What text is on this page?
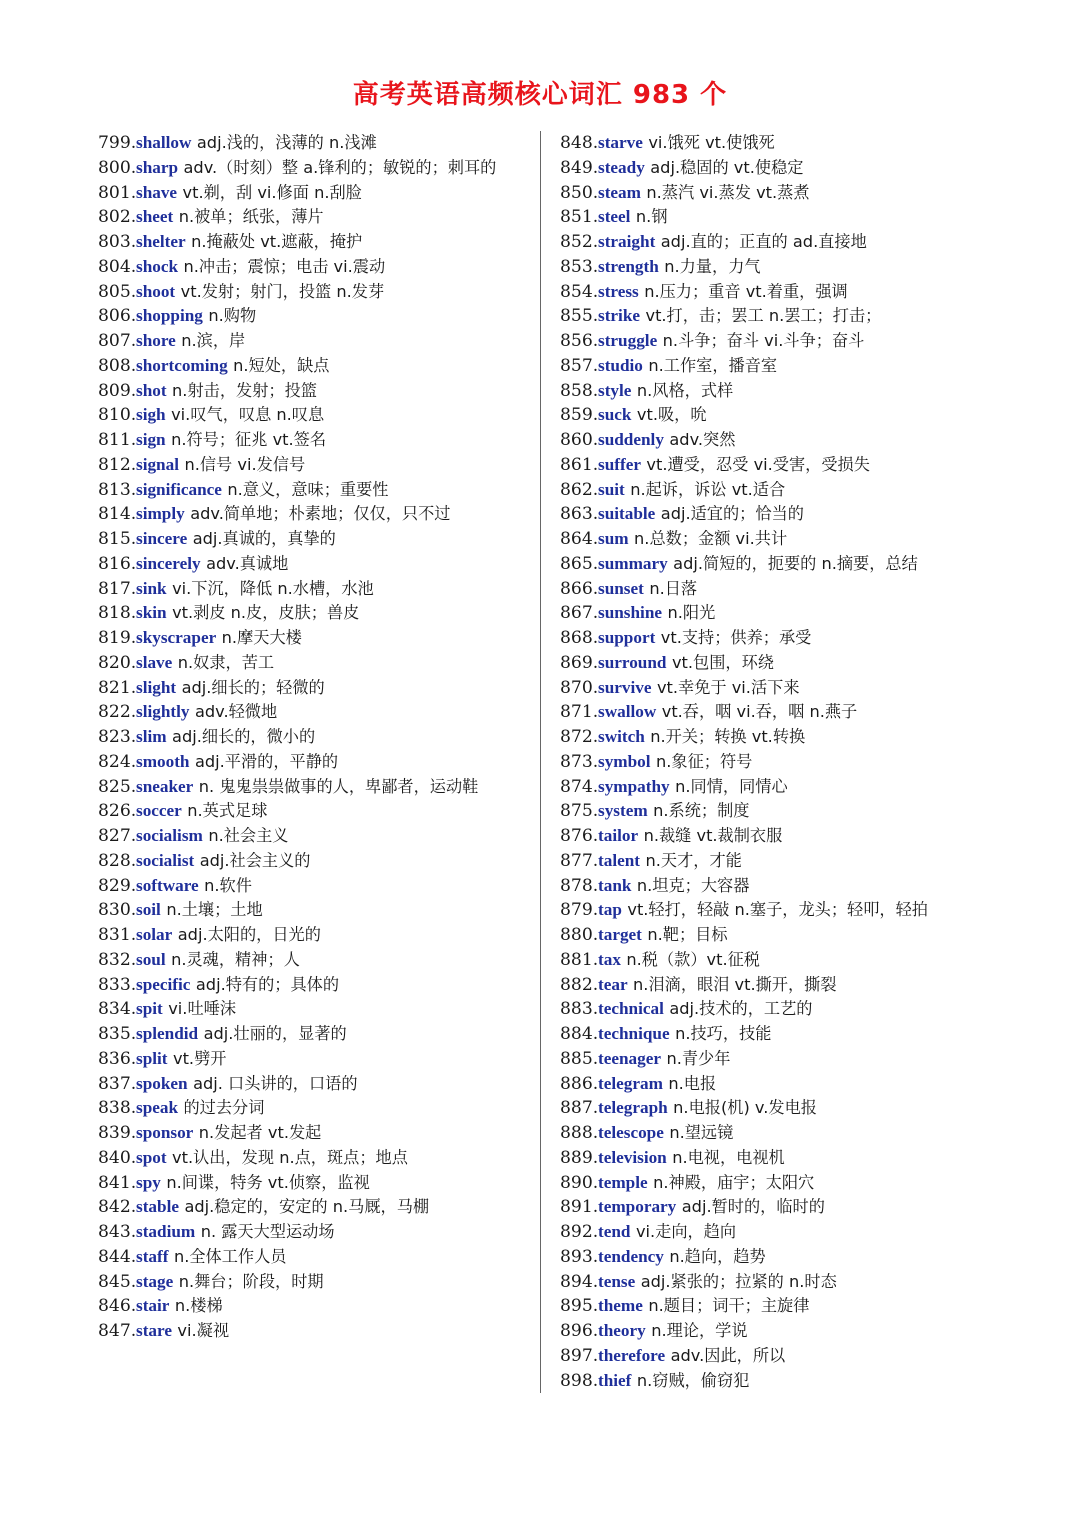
高考英语高频核心词汇 983 个
799. shallow adj.浅的，浅薄的 n.浅滩
800. sharp adv.（时刻）整 a.锋利的；敏锐的；刺耳的
801. shave vt.剃，刮 vi.修面 n.刮脸
802. sheet n.被单；纸张，薄片
803. shelter n.掩蔽处 vt.遮蔽，掩护
804. shock n.冲击；震惊；电击 vi.震动
805. shoot vt.发射；射门，投篮 n.发芽
806. shopping n.购物
807. shore n.滨，岸
808. shortcoming n.短处，缺点
809. shot n.射击，发射；投篮
810. sigh vi.叹气，叹息 n.叹息
811. sign n.符号；征兆 vt.签名
812. signal n.信号 vi.发信号
813. significance n.意义，意味；重要性
814. simply adv.简单地；朴素地；仅仅，只不过
815. sincere adj.真诚的，真挚的
816. sincerely adv.真诚地
817. sink vi.下沉，降低 n.水槽，水池
818. skin vt.剥皮 n.皮，皮肤；兽皮
819. skyscraper n.摩天大楼
820. slave n.奴隶，苦工
821. slight adj.细长的；轻微的
822. slightly adv.轻微地
823. slim adj.细长的，微小的
824. smooth adj.平滑的，平静的
825. sneaker n. 鬼鬼祟祟做事的人，卑鄙者，运动鞋
826. soccer n.英式足球
827. socialism n.社会主义
828. socialist adj.社会主义的
829. software n.软件
830. soil n.土壤；土地
831. solar adj.太阳的，日光的
832. soul n.灵魂，精神；人
833. specific adj.特有的；具体的
834. spit vi.吐唾沫
835. splendid adj.壮丽的，显著的
836. split vt.劈开
837. spoken adj. 口头讲的，口语的
838. speak 的过去分词
839. sponsor n.发起者 vt.发起
840. spot vt.认出，发现 n.点，斑点；地点
841. spy n.间谍，特务 vt.侦察，监视
842. stable adj.稳定的，安定的 n.马厩，马棚
843. stadium n. 露天大型运动场
844. staff n.全体工作人员
845. stage n.舞台；阶段，时期
846. stair n.楼梯
847. stare vi.凝视
848. starve vi.饿死 vt.使饿死
849. steady adj.稳固的 vt.使稳定
850. steam n.蒸汽 vi.蒸发 vt.蒸煮
851. steel n.钢
852. straight adj.直的；正直的 ad.直接地
853. strength n.力量，力气
854. stress n.压力；重音 vt.着重，强调
855. strike vt.打，击；罢工 n.罢工；打击；
856. struggle n.斗争；奋斗 vi.斗争；奋斗
857. studio n.工作室，播音室
858. style n.风格，式样
859. suck vt.吸，吮
860. suddenly adv.突然
861. suffer vt.遭受，忍受 vi.受害，受损失
862. suit n.起诉，诉讼 vt.适合
863. suitable adj.适宜的；恰当的
864. sum n.总数；金额 vi.共计
865. summary adj.简短的，扼要的 n.摘要，总结
866. sunset n.日落
867. sunshine n.阳光
868. support vt.支持；供养；承受
869. surround vt.包围，环绕
870. survive vt.幸免于 vi.活下来
871. swallow vt.吞，咽 vi.吞，咽 n.燕子
872. switch n.开关；转换 vt.转换
873. symbol n.象征；符号
874. sympathy n.同情，同情心
875. system n.系统；制度
876. tailor n.裁缝 vt.裁制衣服
877. talent n.天才，才能
878. tank n.坦克；大容器
879. tap vt.轻打，轻敲 n.塞子，龙头；轻叩，轻拍
880. target n.靶；目标
881. tax n.税（款）vt.征税
882. tear n.泪滴，眼泪 vt.撕开，撕裂
883. technical adj.技术的，工艺的
884. technique n.技巧，技能
885. teenager n.青少年
886. telegram n.电报
887. telegraph n.电报(机) v.发电报
888. telescope n.望远镜
889. television n.电视，电视机
890. temple n.神殿，庙宇；太阳穴
891. temporary adj.暂时的，临时的
892. tend vi.走向，趋向
893. tendency n.趋向，趋势
894. tense adj.紧张的；拉紧的 n.时态
895. theme n.题目；词干；主旋律
896. theory n.理论，学说
897. therefore adv.因此，所以
898. thief n.窃贼，偷窃犯
